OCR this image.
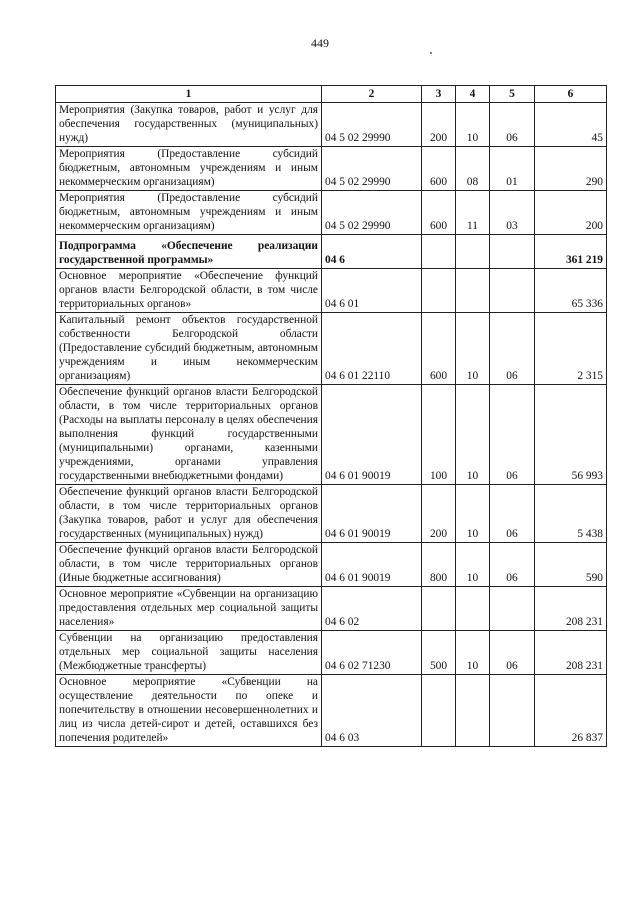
449
1	2	3	4	5	6
Мероприятия (Закупка товаров, работ и услуг для обеспечения государственных (муниципальных) нужд)	04 5 02 29990	200	10	06	45
Мероприятия (Предоставление субсидий бюджетным, автономным учреждениям и иным некоммерческим организациям)	04 5 02 29990	600	08	01	290
Мероприятия (Предоставление субсидий бюджетным, автономным учреждениям и иным некоммерческим организациям)	04 5 02 29990	600	11	03	200
Подпрограмма «Обеспечение реализации государственной программы»	04 6				361 219
Основное мероприятие «Обеспечение функций органов власти Белгородской области, в том числе территориальных органов»	04 6 01				65 336
Капитальный ремонт объектов государственной собственности Белгородской области (Предоставление субсидий бюджетным, автономным учреждениям и иным некоммерческим организациям)	04 6 01 22110	600	10	06	2 315
Обеспечение функций органов власти Белгородской области, в том числе территориальных органов (Расходы на выплаты персоналу в целях обеспечения выполнения функций государственными (муниципальными) органами, казенными учреждениями, органами управления государственными внебюджетными фондами)	04 6 01 90019	100	10	06	56 993
Обеспечение функций органов власти Белгородской области, в том числе территориальных органов (Закупка товаров, работ и услуг для обеспечения государственных (муниципальных) нужд)	04 6 01 90019	200	10	06	5 438
Обеспечение функций органов власти Белгородской области, в том числе территориальных органов (Иные бюджетные ассигнования)	04 6 01 90019	800	10	06	590
Основное мероприятие «Субвенции на организацию предоставления отдельных мер социальной защиты населения»	04 6 02				208 231
Субвенции на организацию предоставления отдельных мер социальной защиты населения (Межбюджетные трансферты)	04 6 02 71230	500	10	06	208 231
Основное мероприятие «Субвенции на осуществление деятельности по опеке и попечительству в отношении несовершеннолетних и лиц из числа детей-сирот и детей, оставшихся без попечения родителей»	04 6 03				26 837
